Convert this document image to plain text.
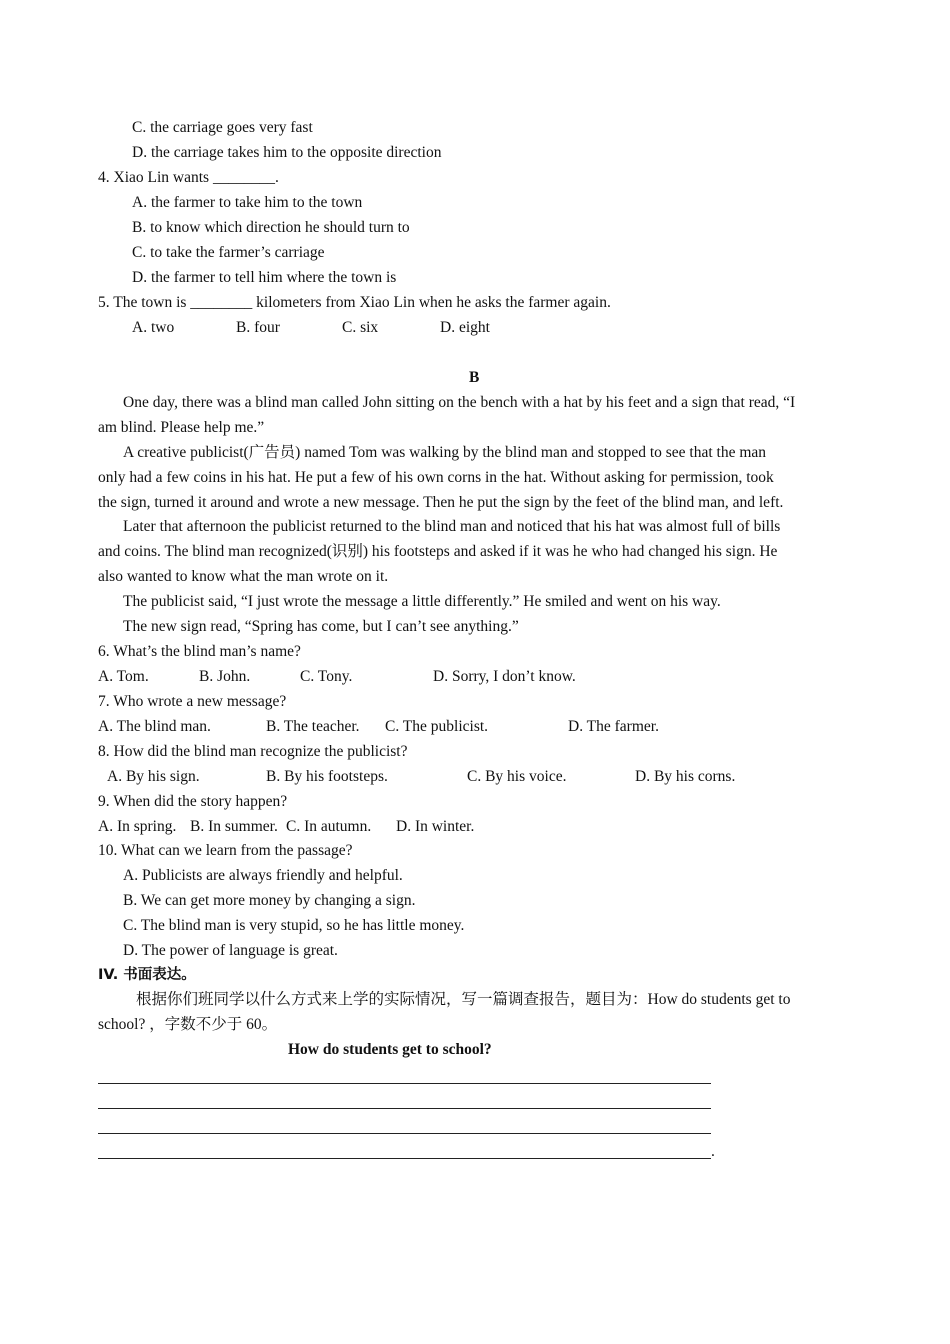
C. the carriage goes very fast
D. the carriage takes him to the opposite direction
4. Xiao Lin wants ________.
A. the farmer to take him to the town
B. to know which direction he should turn to
C. to take the farmer’s carriage
D. the farmer to tell him where the town is
5. The town is ________ kilometers from Xiao Lin when he asks the farmer again.
A. two	B. four	C. six	D. eight
B
One day, there was a blind man called John sitting on the bench with a hat by his feet and a sign that read, “I
am blind. Please help me.”
A creative publicist(广告员) named Tom was walking by the blind man and stopped to see that the man
only had a few coins in his hat. He put a few of his own corns in the hat. Without asking for permission, took
the sign, turned it around and wrote a new message. Then he put the sign by the feet of the blind man, and left.
Later that afternoon the publicist returned to the blind man and noticed that his hat was almost full of bills
and coins. The blind man recognized(识别) his footsteps and asked if it was he who had changed his sign. He
also wanted to know what the man wrote on it.
The publicist said, “I just wrote the message a little differently.” He smiled and went on his way.
The new sign read, “Spring has come, but I can’t see anything.”
6. What’s the blind man’s name?
A. Tom.	B. John.	C. Tony.	D. Sorry, I don’t know.
7. Who wrote a new message?
A. The blind man.	B. The teacher. C. The publicist.	D. The farmer.
8. How did the blind man recognize the publicist?
A. By his sign.	B. By his footsteps.	C. By his voice.	D. By his corns.
9. When did the story happen?
A. In spring. B. In summer. C. In autumn. D. In winter.
10. What can we learn from the passage?
A. Publicists are always friendly and helpful.
B. We can get more money by changing a sign.
C. The blind man is very stupid, so he has little money.
D. The power of language is great.
IV. 书面表达。
根据你们班同学以什么方式来上学的实际情况，写一篇调查报告，题目为：How do students get to
school? ，字数不少于 60。
How do students get to school?
.
